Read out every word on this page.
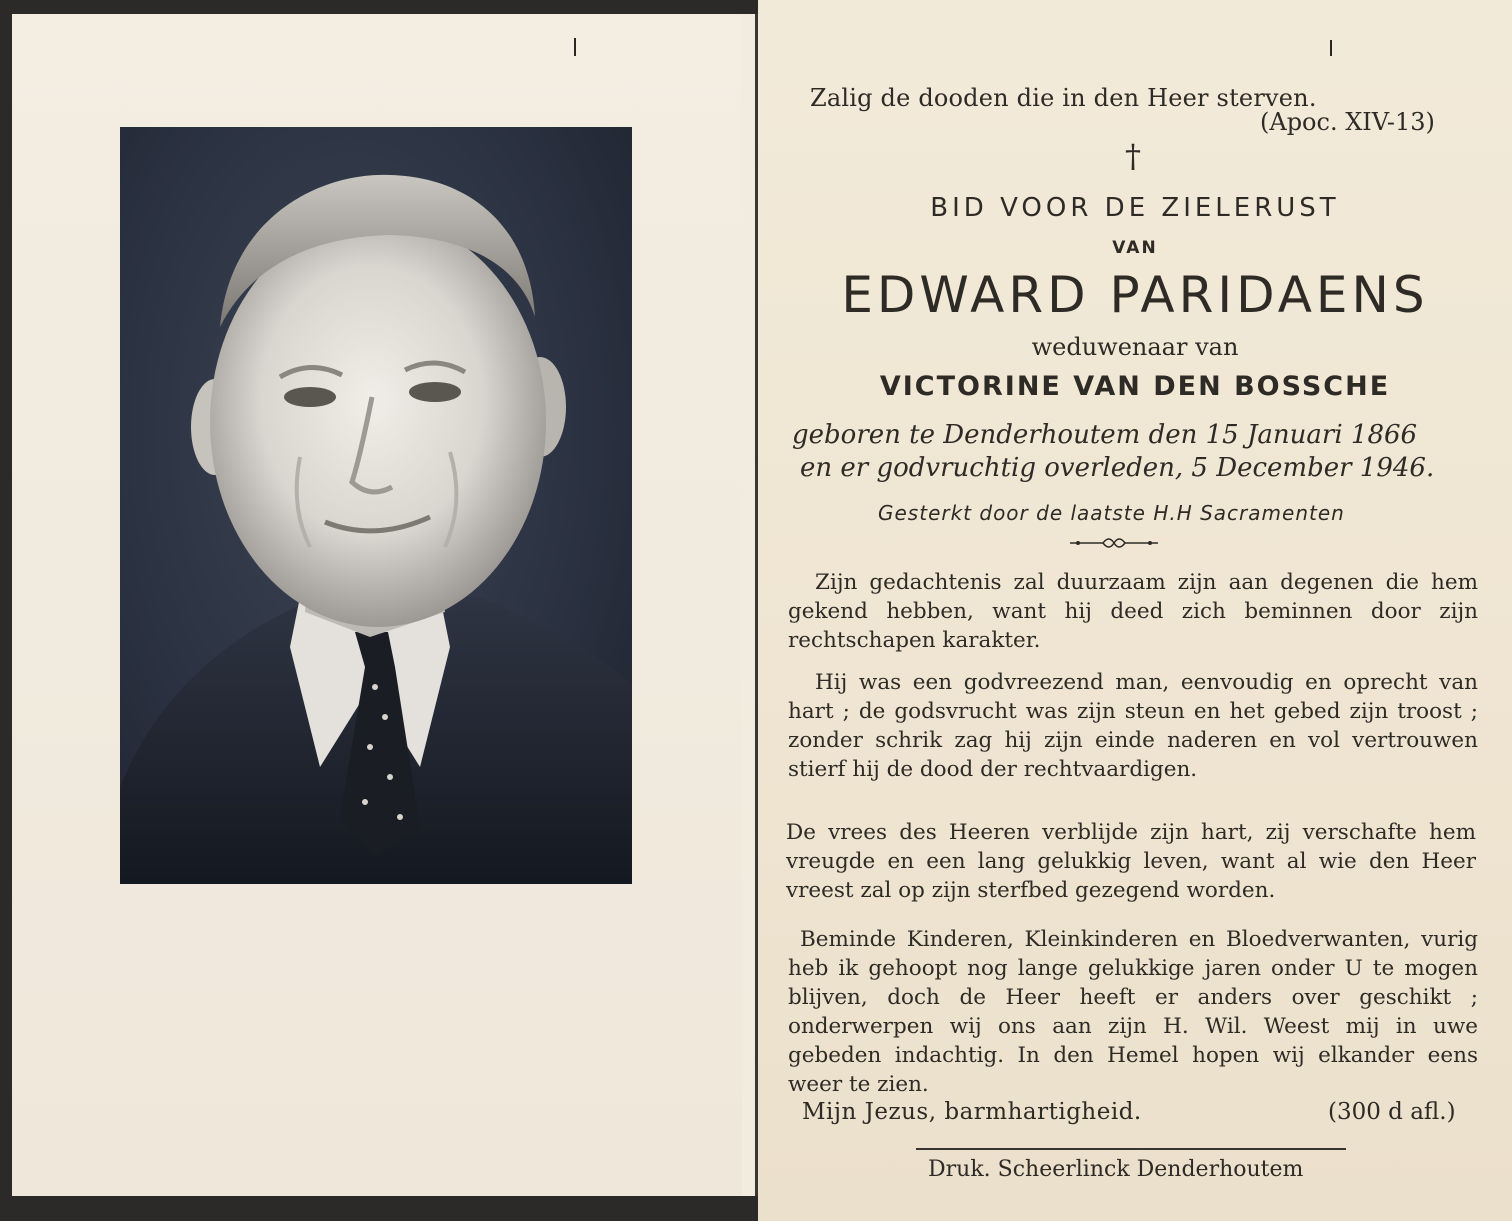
Zalig de dooden die in den Heer sterven.
(Apoc. XIV-13)
†
BID VOOR DE ZIELERUST
VAN
EDWARD PARIDAENS
weduwenaar van
VICTORINE VAN DEN BOSSCHE
geboren te Denderhoutem den 15 Januari 1866
en er godvruchtig overleden, 5 December 1946.
Gesterkt door de laatste H.H Sacramenten
Zijn gedachtenis zal duurzaam zijn aan degenen die hem gekend hebben, want hij deed zich beminnen door zijn rechtschapen karakter.
Hij was een godvreezend man, eenvoudig en oprecht van hart ; de godsvrucht was zijn steun en het gebed zijn troost ; zonder schrik zag hij zijn einde naderen en vol vertrouwen stierf hij de dood der rechtvaardigen.
De vrees des Heeren verblijde zijn hart, zij verschafte hem vreugde en een lang gelukkig leven, want al wie den Heer vreest zal op zijn sterfbed gezegend worden.
Beminde Kinderen, Kleinkinderen en Bloedverwanten, vurig heb ik gehoopt nog lange gelukkige jaren onder U te mogen blijven, doch de Heer heeft er anders over geschikt ; onderwerpen wij ons aan zijn H. Wil. Weest mij in uwe gebeden indachtig. In den Hemel hopen wij elkander eens weer te zien.
Mijn Jezus, barmhartigheid.	(300 d afl.)
Druk. Scheerlinck Denderhoutem
